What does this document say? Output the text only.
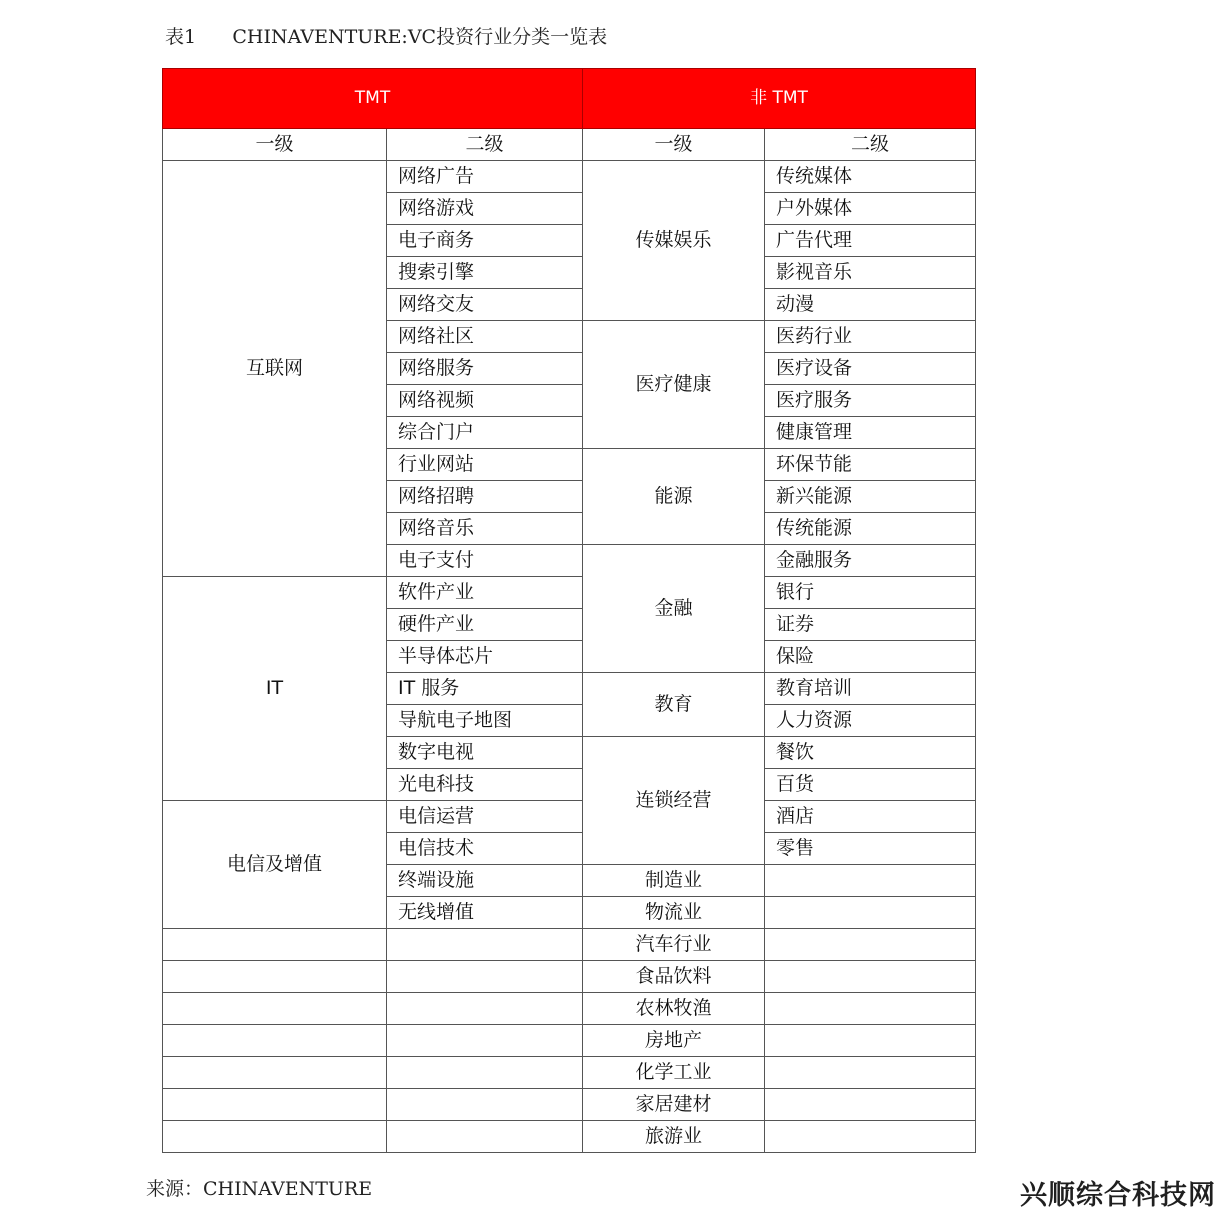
表1 CHINAVENTURE:VC投资行业分类一览表
TMT		非 TMT	
一级	二级	一级	二级
互联网	网络广告	传媒娱乐	传统媒体
	网络游戏		户外媒体
	电子商务		广告代理
	搜索引擎		影视音乐
	网络交友		动漫
	网络社区	医疗健康	医药行业
	网络服务		医疗设备
	网络视频		医疗服务
	综合门户		健康管理
	行业网站	能源	环保节能
	网络招聘		新兴能源
	网络音乐		传统能源
	电子支付	金融	金融服务
IT	软件产业		银行
	硬件产业		证券
	半导体芯片		保险
	IT 服务	教育	教育培训
	导航电子地图		人力资源
	数字电视	连锁经营	餐饮
	光电科技		百货
电信及增值	电信运营		酒店
	电信技术		零售
	终端设施	制造业	
	无线增值	物流业	
		汽车行业	
		食品饮料	
		农林牧渔	
		房地产	
		化学工业	
		家居建材	
		旅游业	
来源：CHINAVENTURE	兴顺综合科技网
